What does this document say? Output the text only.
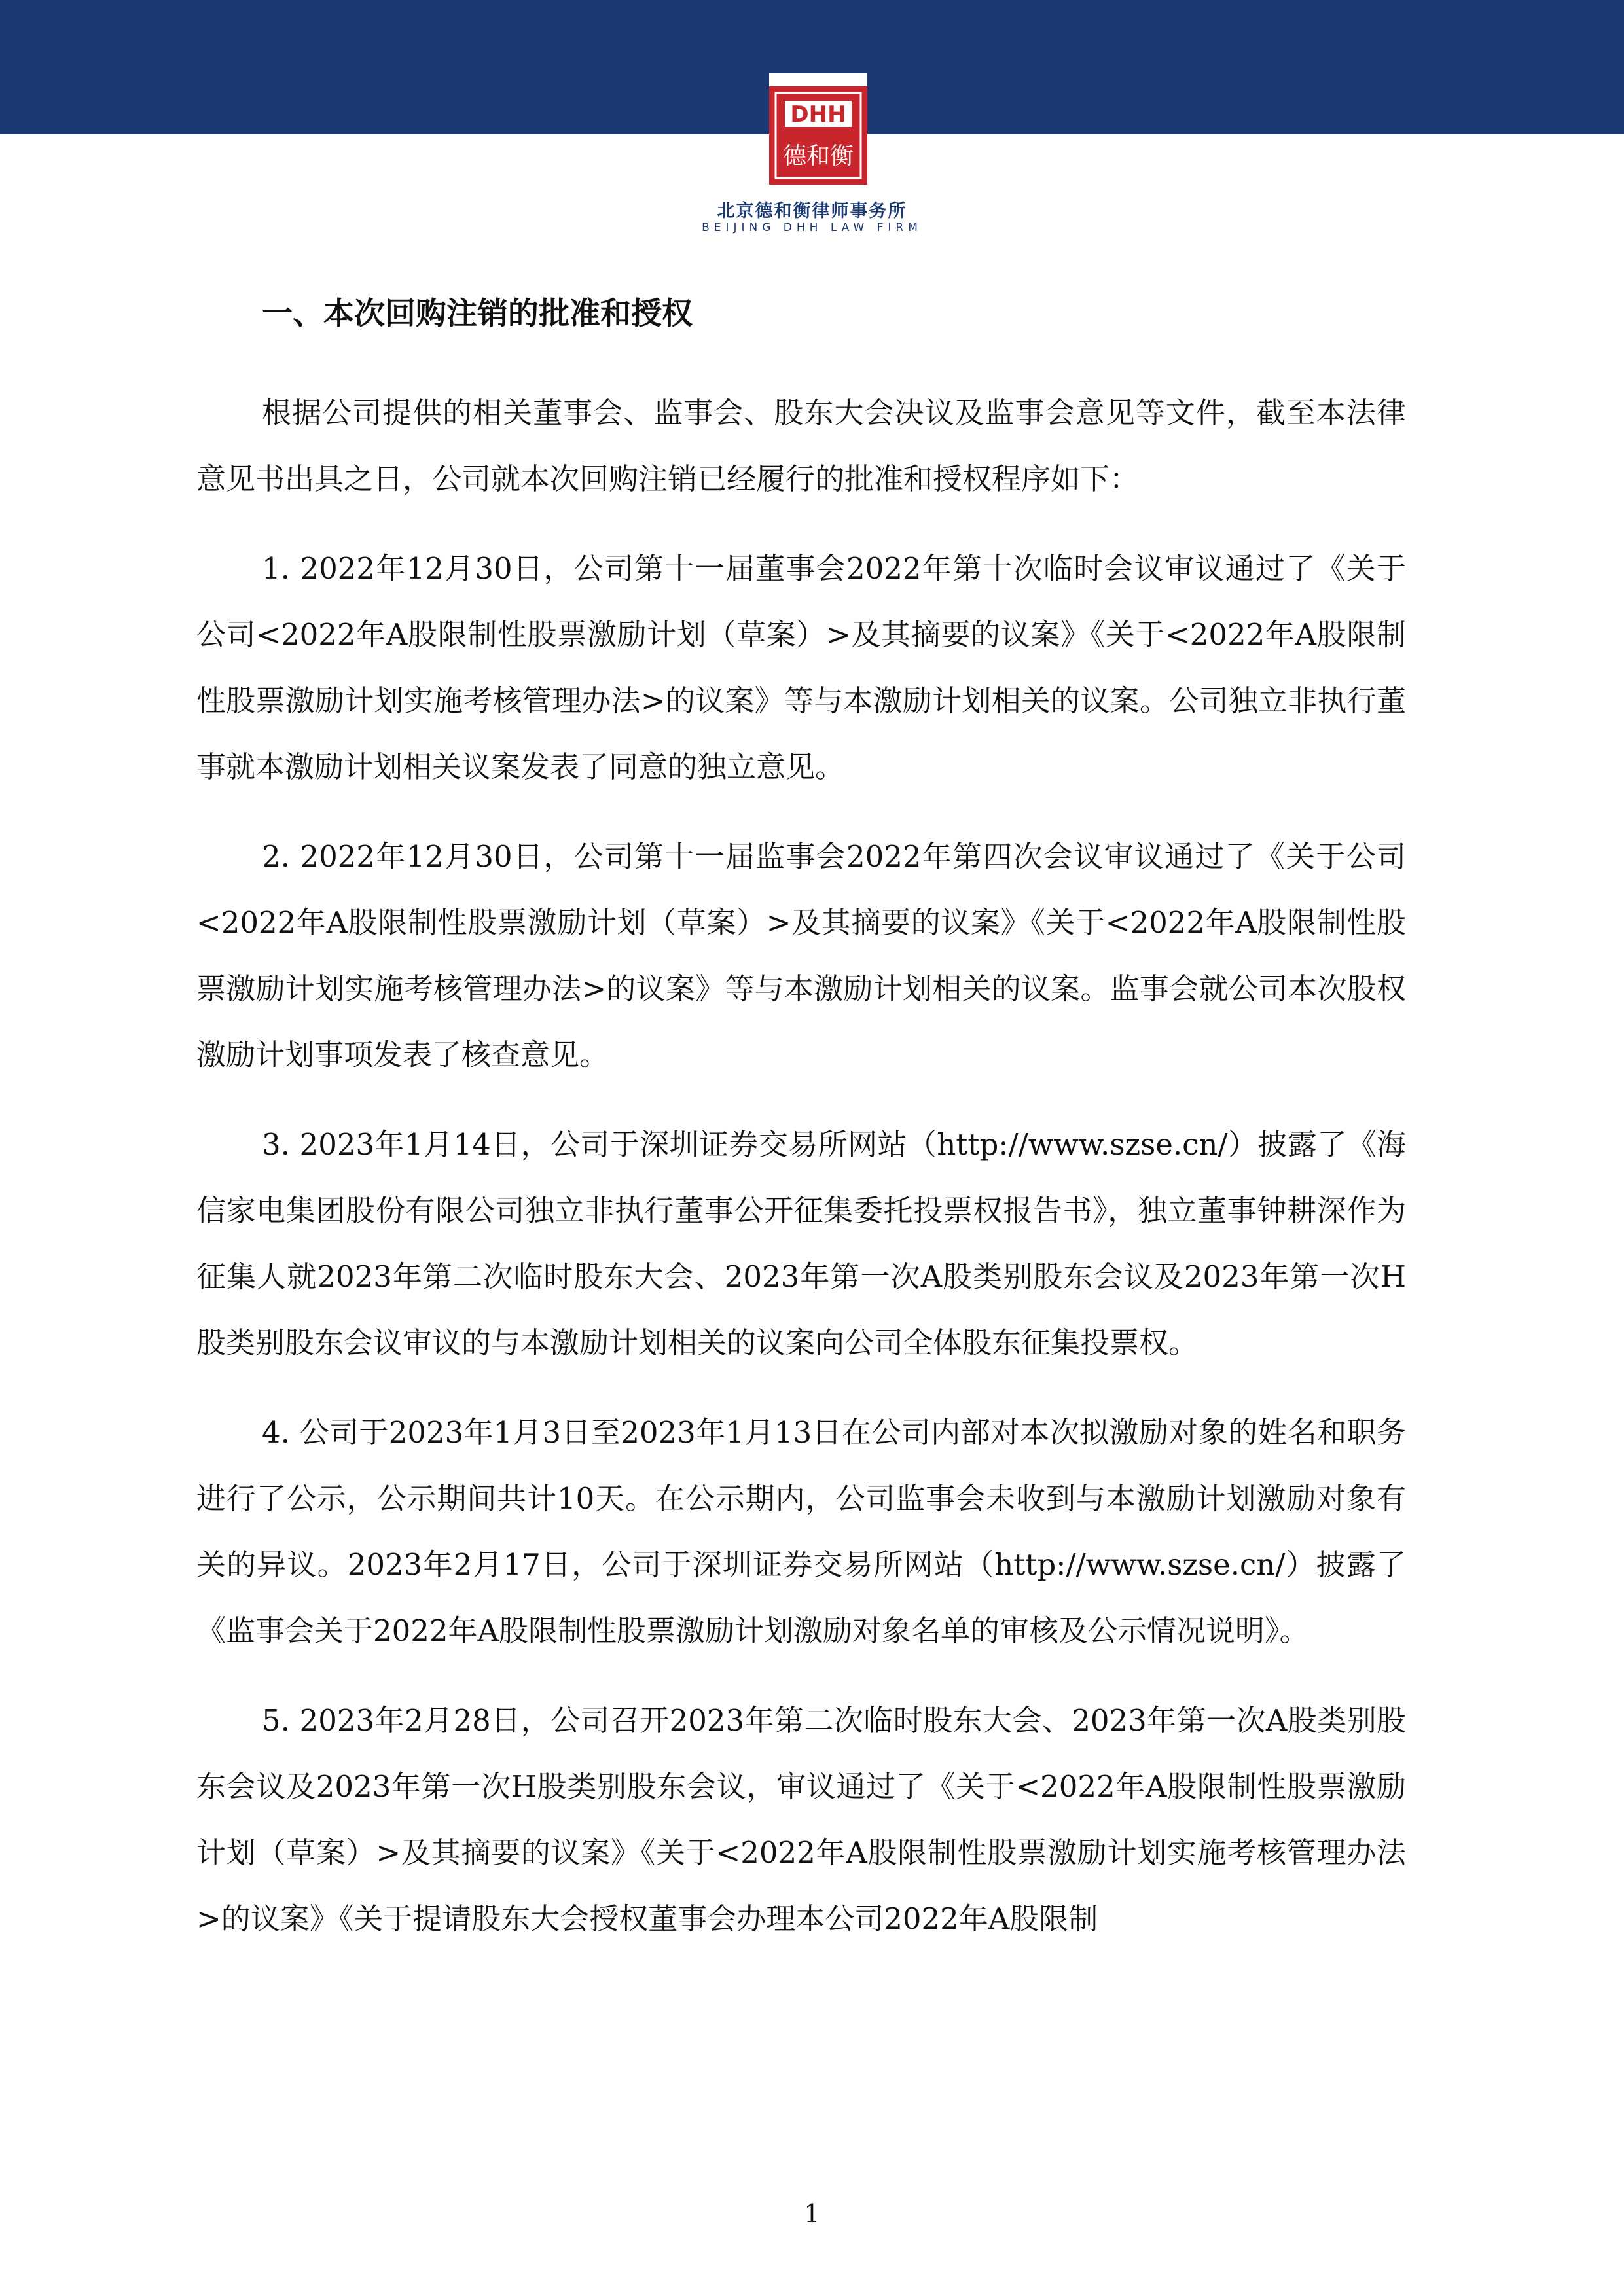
DHH
德和衡
北京德和衡律师事务所
BEIJING DHH LAW FIRM
一、本次回购注销的批准和授权

根据公司提供的相关董事会、监事会、股东大会决议及监事会意见等文件，截至本法律意见书出具之日，公司就本次回购注销已经履行的批准和授权程序如下：

1. 2022年12月30日，公司第十一届董事会2022年第十次临时会议审议通过了《关于公司<2022年A股限制性股票激励计划（草案）>及其摘要的议案》《关于<2022年A股限制性股票激励计划实施考核管理办法>的议案》等与本激励计划相关的议案。公司独立非执行董事就本激励计划相关议案发表了同意的独立意见。

2. 2022年12月30日，公司第十一届监事会2022年第四次会议审议通过了《关于公司<2022年A股限制性股票激励计划（草案）>及其摘要的议案》《关于<2022年A股限制性股票激励计划实施考核管理办法>的议案》等与本激励计划相关的议案。监事会就公司本次股权激励计划事项发表了核查意见。

3. 2023年1月14日，公司于深圳证券交易所网站（http://www.szse.cn/）披露了《海信家电集团股份有限公司独立非执行董事公开征集委托投票权报告书》，独立董事钟耕深作为征集人就2023年第二次临时股东大会、2023年第一次A股类别股东会议及2023年第一次H股类别股东会议审议的与本激励计划相关的议案向公司全体股东征集投票权。

4. 公司于2023年1月3日至2023年1月13日在公司内部对本次拟激励对象的姓名和职务进行了公示，公示期间共计10天。在公示期内，公司监事会未收到与本激励计划激励对象有关的异议。2023年2月17日，公司于深圳证券交易所网站（http://www.szse.cn/）披露了《监事会关于2022年A股限制性股票激励计划激励对象名单的审核及公示情况说明》。

5. 2023年2月28日，公司召开2023年第二次临时股东大会、2023年第一次A股类别股东会议及2023年第一次H股类别股东会议，审议通过了《关于<2022年A股限制性股票激励计划（草案）>及其摘要的议案》《关于<2022年A股限制性股票激励计划实施考核管理办法>的议案》《关于提请股东大会授权董事会办理本公司2022年A股限制

1
